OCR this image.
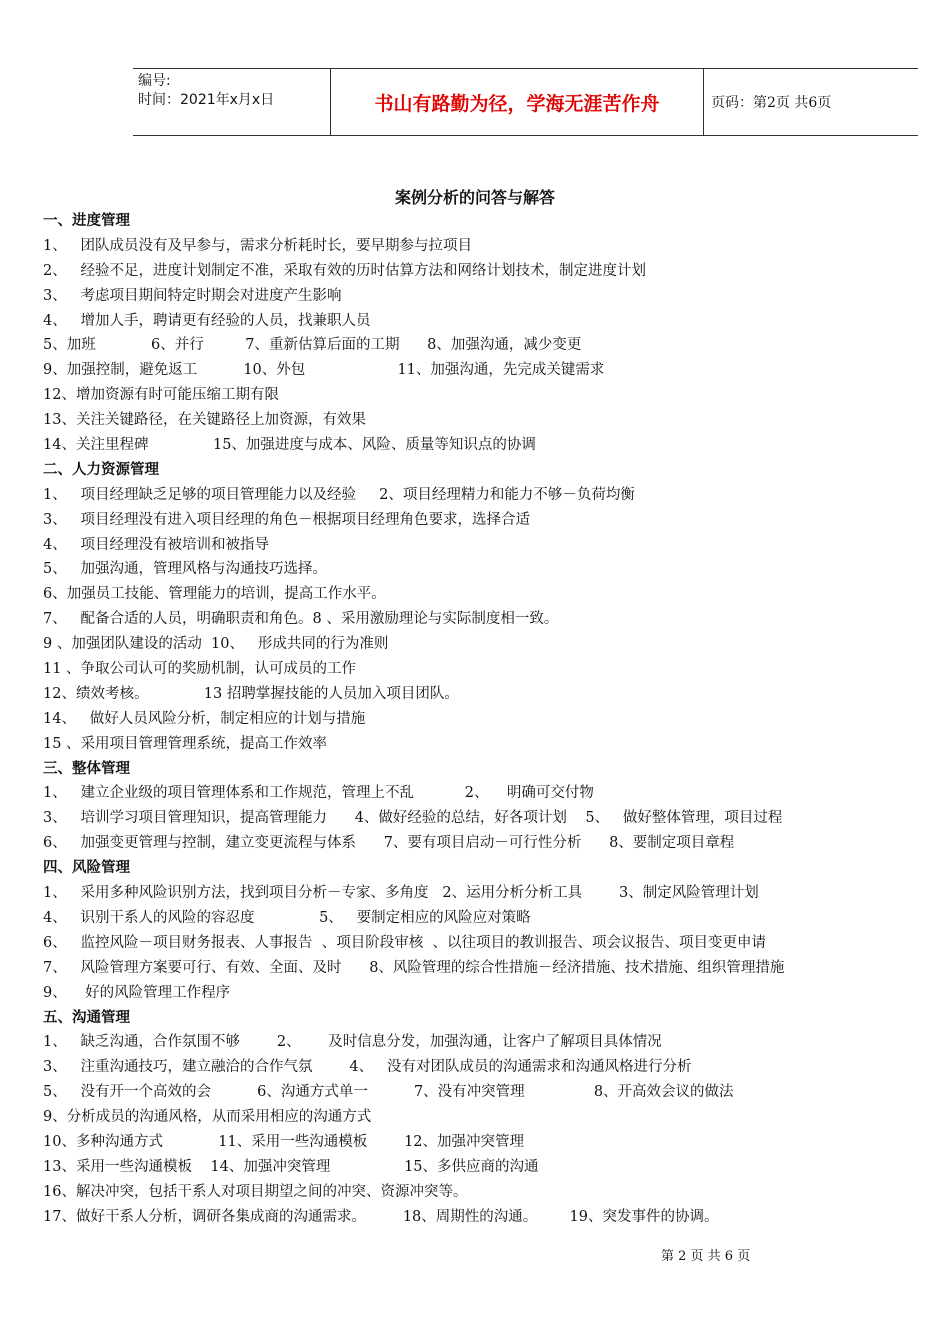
编号:
时间：2021年x月x日	书山有路勤为径，学海无涯苦作舟	页码：第2页 共6页
案例分析的问答与解答
一、进度管理
1、   团队成员没有及早参与，需求分析耗时长，要早期参与拉项目
2、   经验不足，进度计划制定不准，采取有效的历时估算方法和网络计划技术，制定进度计划
3、   考虑项目期间特定时期会对进度产生影响
4、   增加人手，聘请更有经验的人员，找兼职人员
5、加班            6、并行         7、重新估算后面的工期      8、加强沟通，减少变更
9、加强控制，避免返工          10、外包                    11、加强沟通，先完成关键需求
12、增加资源有时可能压缩工期有限
13、关注关键路径，在关键路径上加资源，有效果
14、关注里程碑              15、加强进度与成本、风险、质量等知识点的协调
二、人力资源管理
1、   项目经理缺乏足够的项目管理能力以及经验     2、项目经理精力和能力不够－负荷均衡
3、   项目经理没有进入项目经理的角色－根据项目经理角色要求，选择合适
4、   项目经理没有被培训和被指导
5、   加强沟通，管理风格与沟通技巧选择。
6、加强员工技能、管理能力的培训，提高工作水平。
7、   配备合适的人员，明确职责和角色。8 、采用激励理论与实际制度相一致。
9 、加强团队建设的活动  10、   形成共同的行为准则
11 、争取公司认可的奖励机制，认可成员的工作
12、绩效考核。            13 招聘掌握技能的人员加入项目团队。
14、   做好人员风险分析，制定相应的计划与措施
15 、采用项目管理管理系统，提高工作效率
三、整体管理
1、   建立企业级的项目管理体系和工作规范，管理上不乱           2、    明确可交付物
3、   培训学习项目管理知识，提高管理能力      4、做好经验的总结，好各项计划    5、   做好整体管理，项目过程
6、   加强变更管理与控制，建立变更流程与体系      7、要有项目启动－可行性分析      8、要制定项目章程
四、风险管理
1、   采用多种风险识别方法，找到项目分析－专家、多角度   2、运用分析分析工具        3、制定风险管理计划
4、   识别干系人的风险的容忍度              5、   要制定相应的风险应对策略
6、   监控风险－项目财务报表、人事报告  、项目阶段审核  、以往项目的教训报告、项会议报告、项目变更申请
7、   风险管理方案要可行、有效、全面、及时      8、风险管理的综合性措施－经济措施、技术措施、组织管理措施
9、    好的风险管理工作程序
五、沟通管理
1、   缺乏沟通，合作氛围不够        2、      及时信息分发，加强沟通，让客户了解项目具体情况
3、   注重沟通技巧，建立融洽的合作气氛        4、   没有对团队成员的沟通需求和沟通风格进行分析
5、   没有开一个高效的会          6、沟通方式单一          7、没有冲突管理               8、开高效会议的做法
9、分析成员的沟通风格，从而采用相应的沟通方式
10、多种沟通方式            11、采用一些沟通模板        12、加强冲突管理
13、采用一些沟通模板    14、加强冲突管理                15、多供应商的沟通
16、解决冲突，包括干系人对项目期望之间的冲突、资源冲突等。
17、做好干系人分析，调研各集成商的沟通需求。        18、周期性的沟通。       19、突发事件的协调。
第 2 页 共 6 页
